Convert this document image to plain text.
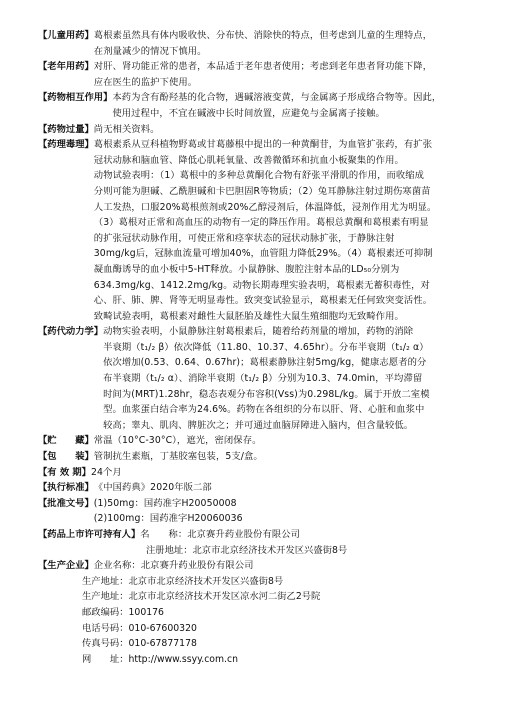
【儿童用药】 葛根素虽然具有体内吸收快、分布快、消除快的特点，但考虑到儿童的生理特点，
在剂量减少的情况下慎用。
【老年用药】 对肝、肾功能正常的患者，本品适于老年患者使用；考虑到老年患者肾功能下降，
应在医生的监护下使用。
【药物相互作用】 本药为含有酚羟基的化合物，遇碱溶液变黄，与金属离子形成络合物等。因此，
使用过程中，不宜在碱液中长时间放置，应避免与金属离子接触。
【药物过量】 尚无相关资料。
【药理毒理】 葛根素系从豆科植物野葛或甘葛藤根中提出的一种黄酮苷，为血管扩张药，有扩张
冠状动脉和脑血管、降低心肌耗氧量、改善微循环和抗血小板聚集的作用。
动物试验表明：（1）葛根中的多种总黄酮化合物有舒张平滑肌的作用，而收缩成
分则可能为胆碱、乙酰胆碱和卡巴胆固R等物质；（2）兔耳静脉注射过期伤寒菌苗
人工发热，口服20%葛根煎剂或20%乙醇浸剂后，体温降低，浸剂作用尤为明显。
（3）葛根对正常和高血压的动物有一定的降压作用。葛根总黄酮和葛根素有明显
的扩张冠状动脉作用，可使正常和痉挛状态的冠状动脉扩张，于静脉注射
30mg/kg后，冠脉血流量可增加40%，血管阻力降低29%。（4）葛根素还可抑制
凝血酶诱导的血小板中5-HT释放。小鼠静脉、腹腔注射本品的LD₅₀分别为
634.3mg/kg、1412.2mg/kg。动物长期毒理实验表明，葛根素无蓄积毒性，对
心、肝、肺、脾、肾等无明显毒性。致突变试验显示，葛根素无任何致突变活性。
致畸试验表明，葛根素对雌性大鼠胚胎及雄性大鼠生殖细胞均无致畸作用。
【药代动力学】 动物实验表明，小鼠静脉注射葛根素后，随着给药剂量的增加，药物的消除
半衰期（t₁/₂ β）依次降低（11.80、10.37、4.65hr）。分布半衰期（t₁/₂ α）
依次增加(0.53、0.64、0.67hr)；葛根素静脉注射5mg/kg，健康志愿者的分
布半衰期（t₁/₂ α）、消除半衰期（t₁/₂ β）分别为10.3、74.0min，平均滞留
时间为(MRT)1.28hr，稳态表观分布容积(Vss)为0.298L/kg。属于开放二室模
型。血浆蛋白结合率为24.6%。药物在各组织的分布以肝、肾、心脏和血浆中
较高；睾丸、肌肉、脾脏次之；并可通过血脑屏障进入脑内，但含量较低。
【贮　　藏】 常温（10°C-30°C），遮光，密闭保存。
【包　　装】 管制抗生素瓶，丁基胶塞包装，5支/盒。
【有 效 期】 24个月
【执行标准】 《中国药典》2020年版二部
【批准文号】 (1)50mg：国药准字H20050008
(2)100mg：国药准字H20060036
【药品上市许可持有人】 名　　称：北京赛升药业股份有限公司
注册地址：北京市北京经济技术开发区兴盛街8号
【生产企业】 企业名称：北京赛升药业股份有限公司
生产地址：北京市北京经济技术开发区兴盛街8号
生产地址：北京市北京经济技术开发区凉水河二街乙2号院
邮政编码：100176
电话号码：010-67600320
传真号码：010-67877178
网　　址：http://www.ssyy.com.cn
